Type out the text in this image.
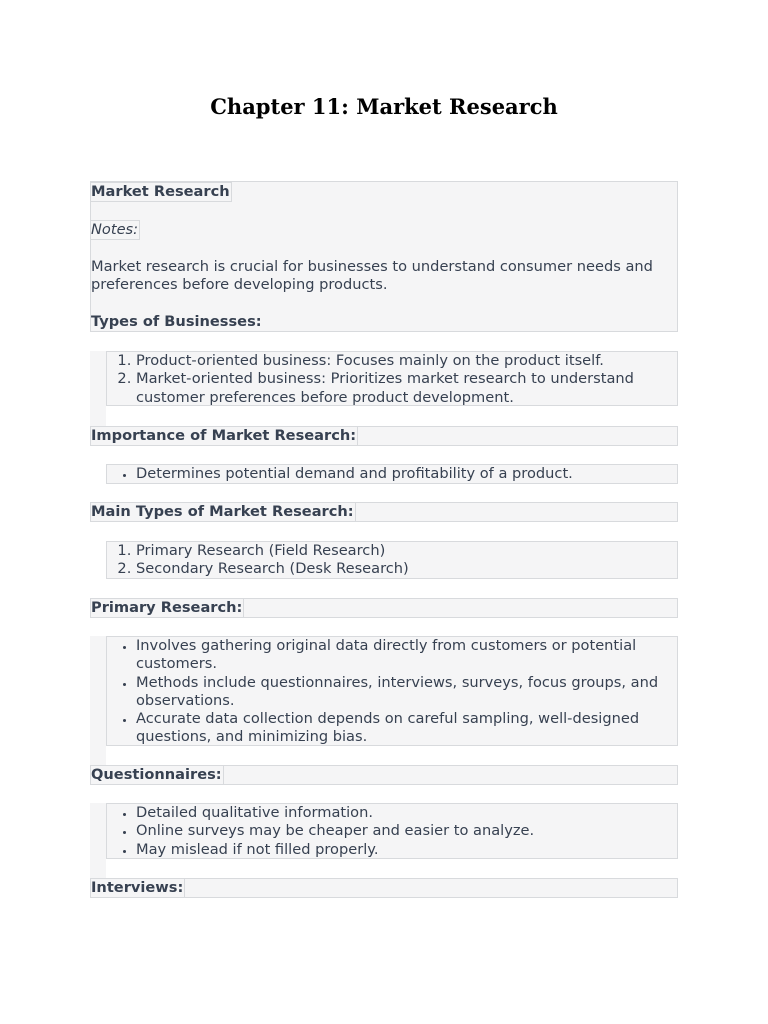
Chapter 11: Market Research
Market Research
Notes:
Market research is crucial for businesses to understand consumer needs and preferences before developing products.
Types of Businesses:
1. Product-oriented business: Focuses mainly on the product itself.
2. Market-oriented business: Prioritizes market research to understand customer preferences before product development.
Importance of Market Research:
• Determines potential demand and profitability of a product.
Main Types of Market Research:
1. Primary Research (Field Research)
2. Secondary Research (Desk Research)
Primary Research:
• Involves gathering original data directly from customers or potential customers.
• Methods include questionnaires, interviews, surveys, focus groups, and observations.
• Accurate data collection depends on careful sampling, well-designed questions, and minimizing bias.
Questionnaires:
• Detailed qualitative information.
• Online surveys may be cheaper and easier to analyze.
• May mislead if not filled properly.
Interviews:
